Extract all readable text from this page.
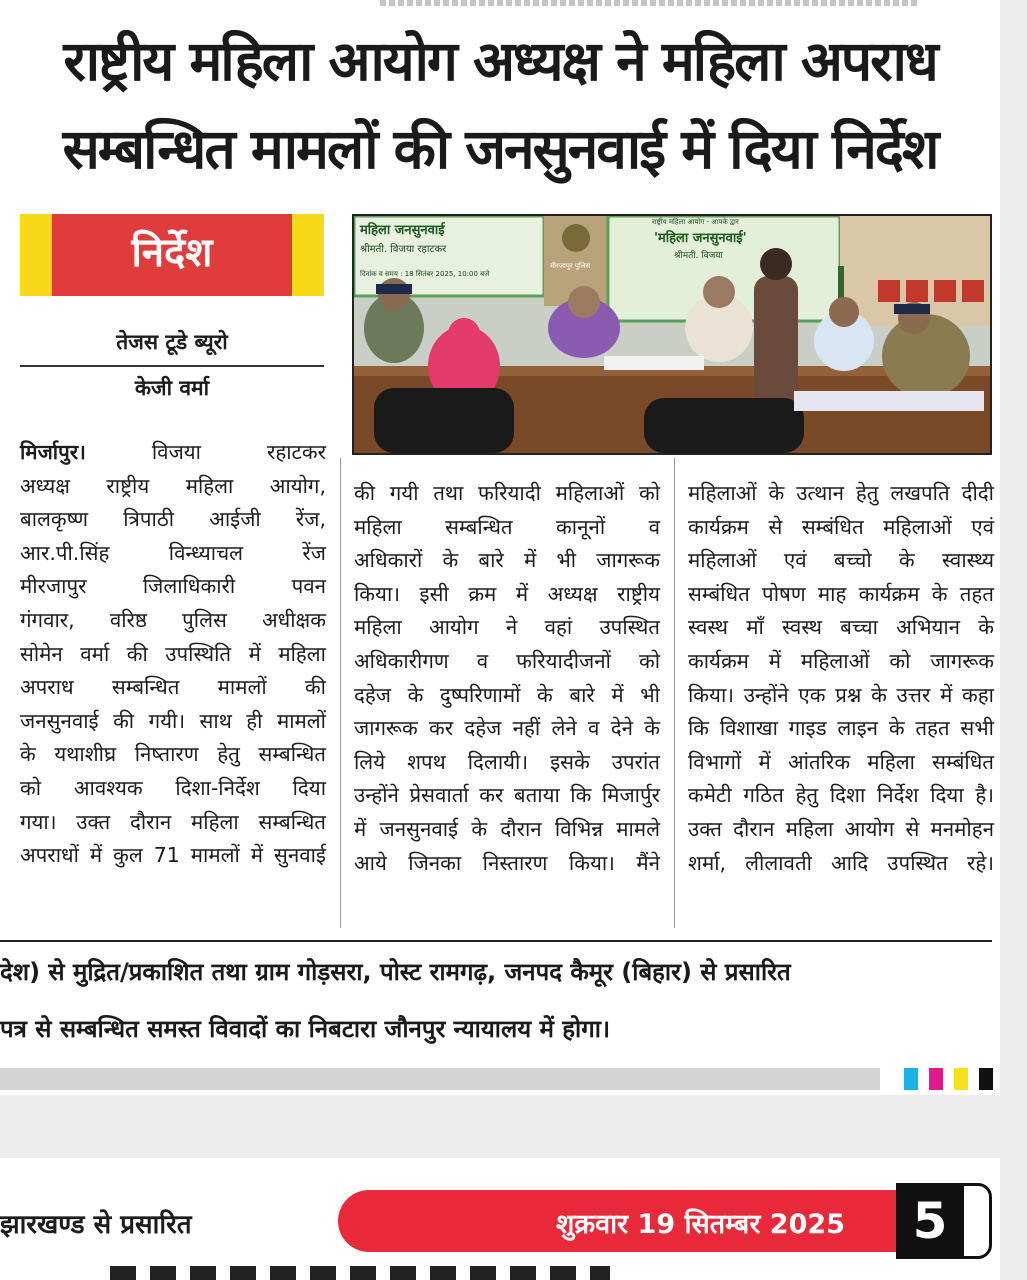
राष्ट्रीय महिला आयोग अध्यक्ष ने महिला अपराध
सम्बन्धित मामलों की जनसुनवाई में दिया निर्देश
निर्देश
तेजस टूडे ब्यूरो
केजी वर्मा
महिला जनसुनवाई
श्रीमती. विजया रहाटकर
दिनांक व समय : 18 सितंबर 2025, 10:00 बजे
मीरजापुर पुलिस
राष्ट्रीय महिला आयोग - आपके द्वार
'महिला जनसुनवाई'
श्रीमती. विजया
मिर्जापुर। विजया रहाटकर
अध्यक्ष राष्ट्रीय महिला आयोग,
बालकृष्ण त्रिपाठी आईजी रेंज,
आर.पी.सिंह विन्ध्याचल रेंज
मीरजापुर जिलाधिकारी पवन
गंगवार, वरिष्ठ पुलिस अधीक्षक
सोमेन वर्मा की उपस्थिति में महिला
अपराध सम्बन्धित मामलों की
जनसुनवाई की गयी। साथ ही मामलों
के यथाशीघ्र निष्तारण हेतु सम्बन्धित
को आवश्यक दिशा-निर्देश दिया
गया। उक्त दौरान महिला सम्बन्धित
अपराधों में कुल 71 मामलों में सुनवाई
की गयी तथा फरियादी महिलाओं को
महिला सम्बन्धित कानूनों व
अधिकारों के बारे में भी जागरूक
किया। इसी क्रम में अध्यक्ष राष्ट्रीय
महिला आयोग ने वहां उपस्थित
अधिकारीगण व फरियादीजनों को
दहेज के दुष्परिणामों के बारे में भी
जागरूक कर दहेज नहीं लेने व देने के
लिये शपथ दिलायी। इसके उपरांत
उन्होंने प्रेसवार्ता कर बताया कि मिजार्पुर
में जनसुनवाई के दौरान विभिन्न मामले
आये जिनका निस्तारण किया। मैंने
महिलाओं के उत्थान हेतु लखपति दीदी
कार्यक्रम से सम्बंधित महिलाओं एवं
महिलाओं एवं बच्चो के स्वास्थ्य
सम्बंधित पोषण माह कार्यक्रम के तहत
स्वस्थ माँ स्वस्थ बच्चा अभियान के
कार्यक्रम में महिलाओं को जागरूक
किया। उन्होंने एक प्रश्न के उत्तर में कहा
कि विशाखा गाइड लाइन के तहत सभी
विभागों में आंतरिक महिला सम्बंधित
कमेटी गठित हेतु दिशा निर्देश दिया है।
उक्त दौरान महिला आयोग से मनमोहन
शर्मा, लीलावती आदि उपस्थित रहे।
देश) से मुद्रित/प्रकाशित तथा ग्राम गोड़सरा, पोस्ट रामगढ़, जनपद कैमूर (बिहार) से प्रसारित
पत्र से सम्बन्धित समस्त विवादों का निबटारा जौनपुर न्यायालय में होगा।
झारखण्ड से प्रसारित	शुक्रवार 19 सितम्बर 2025	5
